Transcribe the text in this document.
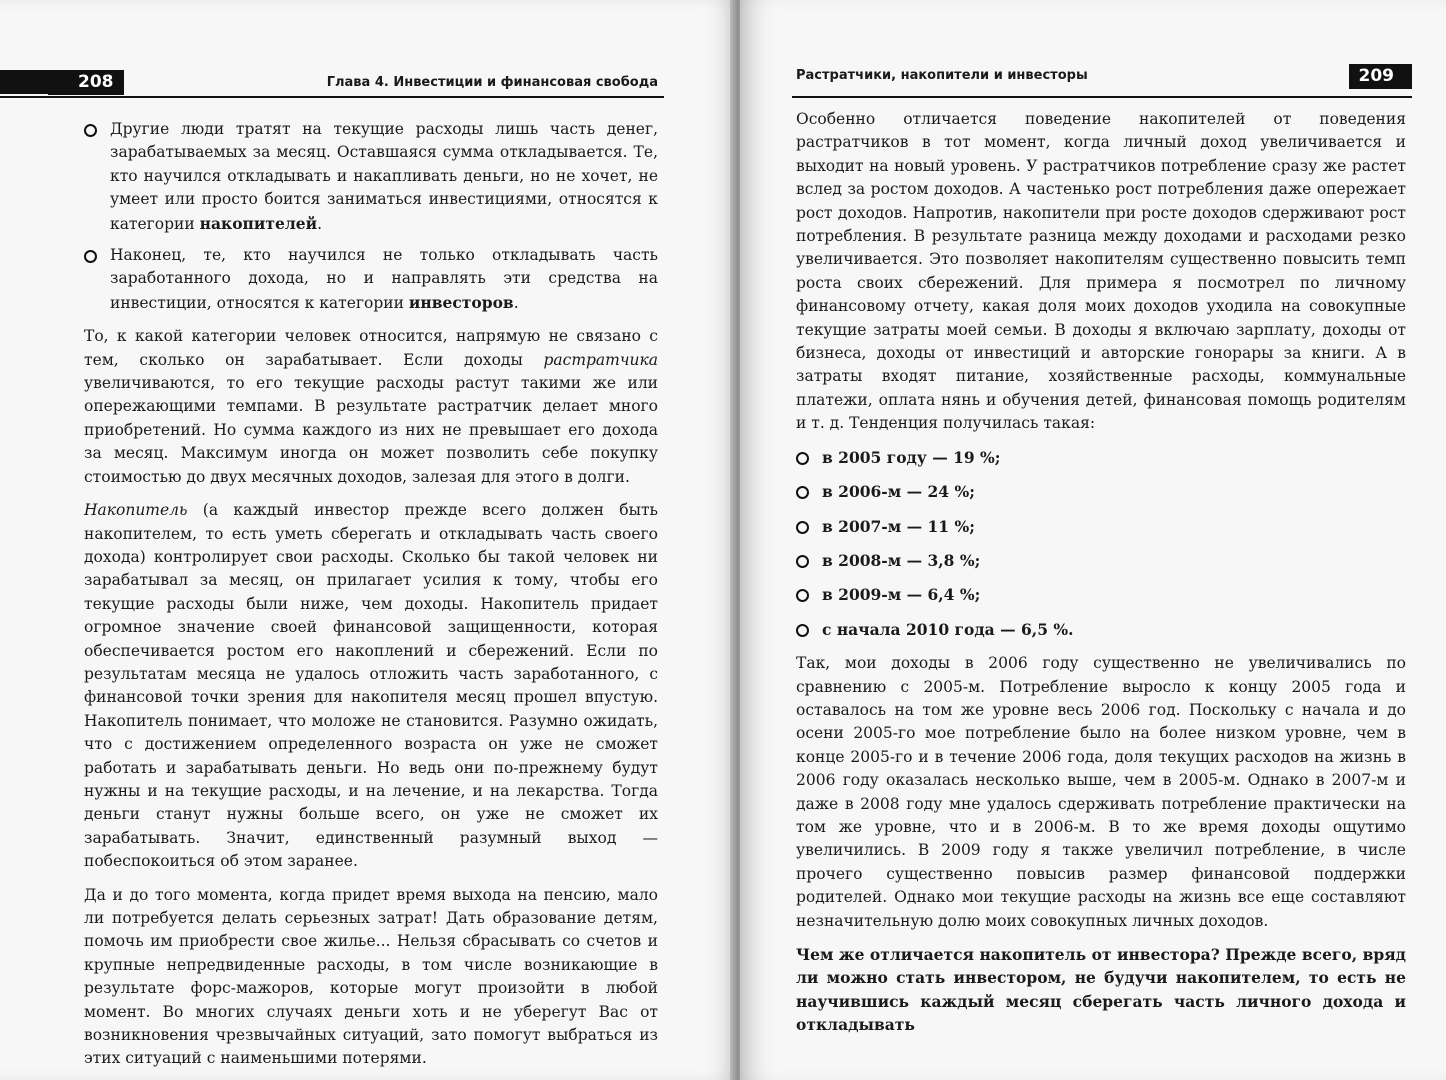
208	Глава 4. Инвестиции и финансовая свобода
Другие люди тратят на текущие расходы лишь часть денег, зарабатываемых за месяц. Оставшаяся сумма откладывается. Те, кто научился откладывать и накапливать деньги, но не хочет, не умеет или просто боится заниматься инвестициями, относятся к категории накопителей.
Наконец, те, кто научился не только откладывать часть заработанного дохода, но и направлять эти средства на инвестиции, относятся к категории инвесторов.

То, к какой категории человек относится, напрямую не связано с тем, сколько он зарабатывает. Если доходы растратчика увеличиваются, то его текущие расходы растут такими же или опережающими темпами. В результате растратчик делает много приобретений. Но сумма каждого из них не превышает его дохода за месяц. Максимум иногда он может позволить себе покупку стоимостью до двух месячных доходов, залезая для этого в долги.

Накопитель (а каждый инвестор прежде всего должен быть накопителем, то есть уметь сберегать и откладывать часть своего дохода) контролирует свои расходы. Сколько бы такой человек ни зарабатывал за месяц, он прилагает усилия к тому, чтобы его текущие расходы были ниже, чем доходы. Накопитель придает огромное значение своей финансовой защищенности, которая обеспечивается ростом его накоплений и сбережений. Если по результатам месяца не удалось отложить часть заработанного, с финансовой точки зрения для накопителя месяц прошел впустую. Накопитель понимает, что моложе не становится. Разумно ожидать, что с достижением определенного возраста он уже не сможет работать и зарабатывать деньги. Но ведь они по-прежнему будут нужны и на текущие расходы, и на лечение, и на лекарства. Тогда деньги станут нужны больше всего, он уже не сможет их зарабатывать. Значит, единственный разумный выход — побеспокоиться об этом заранее.

Да и до того момента, когда придет время выхода на пенсию, мало ли потребуется делать серьезных затрат! Дать образование детям, помочь им приобрести свое жилье... Нельзя сбрасывать со счетов и крупные непредвиденные расходы, в том числе возникающие в результате форс-мажоров, которые могут произойти в любой момент. Во многих случаях деньги хоть и не уберегут Вас от возникновения чрезвычайных ситуаций, зато помогут выбраться из этих ситуаций с наименьшими потерями.

Растратчики, накопители и инвесторы	209

Особенно отличается поведение накопителей от поведения растратчиков в тот момент, когда личный доход увеличивается и выходит на новый уровень. У растратчиков потребление сразу же растет вслед за ростом доходов. А частенько рост потребления даже опережает рост доходов. Напротив, накопители при росте доходов сдерживают рост потребления. В результате разница между доходами и расходами резко увеличивается. Это позволяет накопителям существенно повысить темп роста своих сбережений. Для примера я посмотрел по личному финансовому отчету, какая доля моих доходов уходила на совокупные текущие затраты моей семьи. В доходы я включаю зарплату, доходы от бизнеса, доходы от инвестиций и авторские гонорары за книги. А в затраты входят питание, хозяйственные расходы, коммунальные платежи, оплата нянь и обучения детей, финансовая помощь родителям и т. д. Тенденция получилась такая:

в 2005 году — 19 %;
в 2006-м — 24 %;
в 2007-м — 11 %;
в 2008-м — 3,8 %;
в 2009-м — 6,4 %;
с начала 2010 года — 6,5 %.

Так, мои доходы в 2006 году существенно не увеличивались по сравнению с 2005-м. Потребление выросло к концу 2005 года и оставалось на том же уровне весь 2006 год. Поскольку с начала и до осени 2005-го мое потребление было на более низком уровне, чем в конце 2005-го и в течение 2006 года, доля текущих расходов на жизнь в 2006 году оказалась несколько выше, чем в 2005-м. Однако в 2007-м и даже в 2008 году мне удалось сдерживать потребление практически на том же уровне, что и в 2006-м. В то же время доходы ощутимо увеличились. В 2009 году я также увеличил потребление, в числе прочего существенно повысив размер финансовой поддержки родителей. Однако мои текущие расходы на жизнь все еще составляют незначительную долю моих совокупных личных доходов.

Чем же отличается накопитель от инвестора? Прежде всего, вряд ли можно стать инвестором, не будучи накопителем, то есть не научившись каждый месяц сберегать часть личного дохода и откладывать
